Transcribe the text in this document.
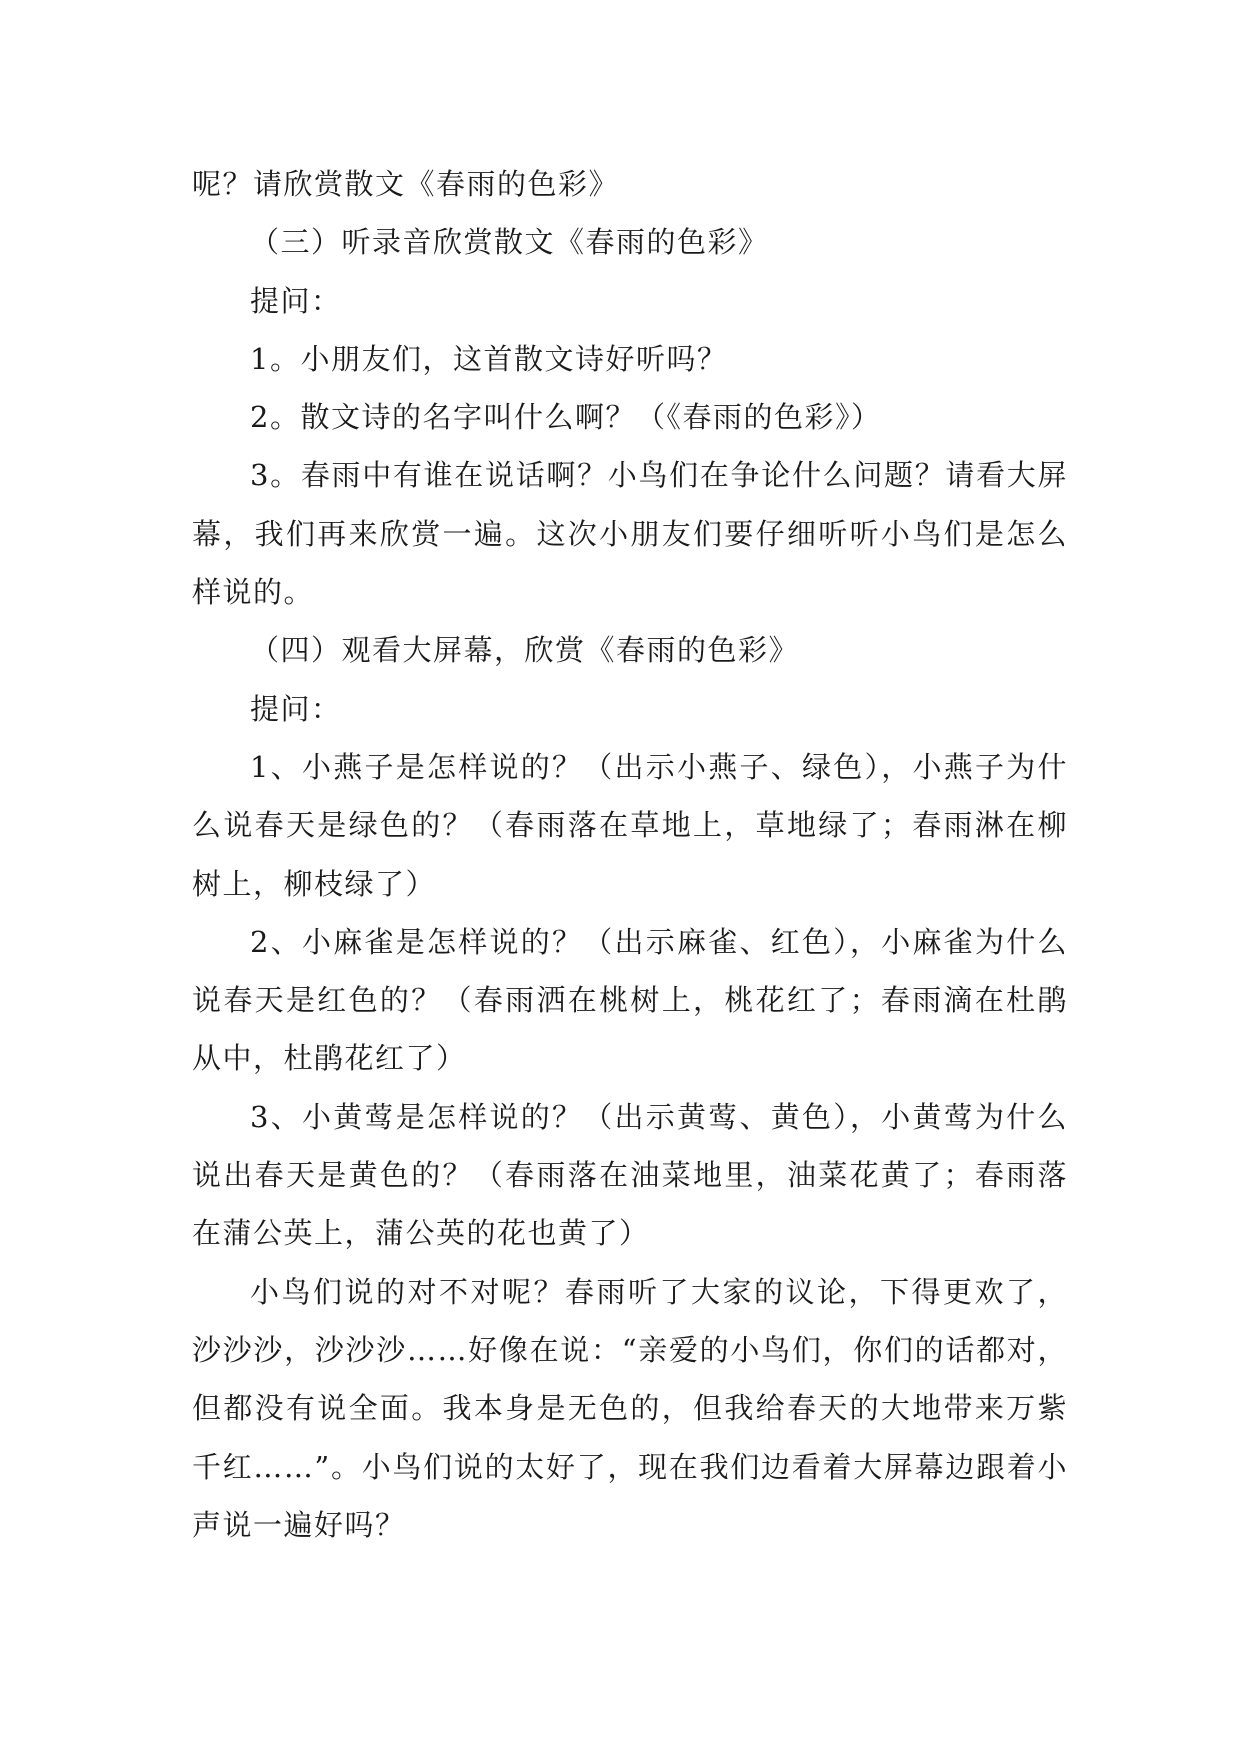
呢？请欣赏散文《春雨的色彩》

（三）听录音欣赏散文《春雨的色彩》

提问：

1。小朋友们，这首散文诗好听吗？

2。散文诗的名字叫什么啊？（《春雨的色彩》）

3。春雨中有谁在说话啊？小鸟们在争论什么问题？请看大屏幕，我们再来欣赏一遍。这次小朋友们要仔细听听小鸟们是怎么样说的。

（四）观看大屏幕，欣赏《春雨的色彩》

提问：

1、小燕子是怎样说的？（出示小燕子、绿色），小燕子为什么说春天是绿色的？（春雨落在草地上，草地绿了；春雨淋在柳树上，柳枝绿了）

2、小麻雀是怎样说的？（出示麻雀、红色），小麻雀为什么说春天是红色的？（春雨洒在桃树上，桃花红了；春雨滴在杜鹃从中，杜鹃花红了）

3、小黄莺是怎样说的？（出示黄莺、黄色），小黄莺为什么说出春天是黄色的？（春雨落在油菜地里，油菜花黄了；春雨落在蒲公英上，蒲公英的花也黄了）

小鸟们说的对不对呢？春雨听了大家的议论，下得更欢了，沙沙沙，沙沙沙……好像在说：“亲爱的小鸟们，你们的话都对，但都没有说全面。我本身是无色的，但我给春天的大地带来万紫千红……”。小鸟们说的太好了，现在我们边看着大屏幕边跟着小声说一遍好吗？
